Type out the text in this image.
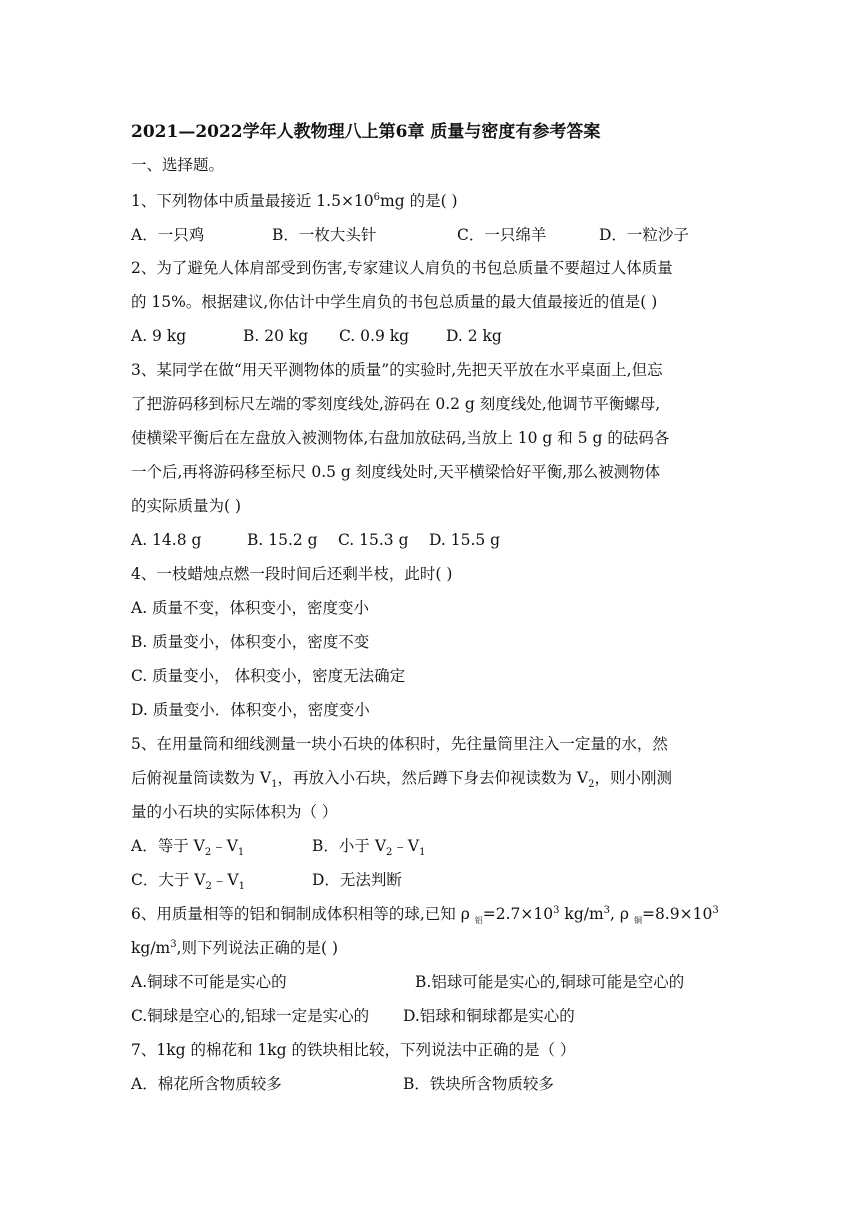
2021—2022学年人教物理八上第6章 质量与密度有参考答案
一、选择题。
1、下列物体中质量最接近 $1.5\times 10^6mg$ 的是( )
A．一只鸡	B．一枚大头针	C．一只绵羊	D．一粒沙子
2、为了避免人体肩部受到伤害,专家建议人肩负的书包总质量不要超过人体质量
的 15%。根据建议,你估计中学生肩负的书包总质量的最大值最接近的值是( )
A. 9 kg	B. 20 kg C. 0.9 kg D. 2 kg
3、某同学在做“用天平测物体的质量”的实验时,先把天平放在水平桌面上,但忘
了把游码移到标尺左端的零刻度线处,游码在 0.2 g 刻度线处,他调节平衡螺母,
使横梁平衡后在左盘放入被测物体,右盘加放砝码,当放上 10 g 和 5 g 的砝码各
一个后,再将游码移至标尺 0.5 g 刻度线处时,天平横梁恰好平衡,那么被测物体
的实际质量为( )
A. 14.8 g	B. 15.2 g C. 15.3 g D. 15.5 g
4、一枝蜡烛点燃一段时间后还剩半枝，此时( )
A. 质量不变，体积变小，密度变小
B. 质量变小，体积变小，密度不变
C. 质量变小， 体积变小，密度无法确定
D. 质量变小．体积变小，密度变小
5、在用量筒和细线测量一块小石块的体积时，先往量筒里注入一定量的水，然
后俯视量筒读数为 $V_1$，再放入小石块，然后蹲下身去仰视读数为 $V_2$，则小刚测
量的小石块的实际体积为（ ）
A．等于 $V_2﹣V_1$	B．小于 $V_2﹣V_1$
C．大于 $V_2﹣V_1$	D．无法判断
6、用质量相等的铝和铜制成体积相等的球,已知 ρ $_铝=2.7\times 10^3$ $kg/m^3$, ρ $_铜=8.9\times 10^3$
$kg/m^3$,则下列说法正确的是( )
A.铜球不可能是实心的	B.铝球可能是实心的,铜球可能是空心的
C.铜球是空心的,铝球一定是实心的 D.铝球和铜球都是实心的
7、1kg 的棉花和 1kg 的铁块相比较，下列说法中正确的是（ ）
A．棉花所含物质较多	B．铁块所含物质较多
